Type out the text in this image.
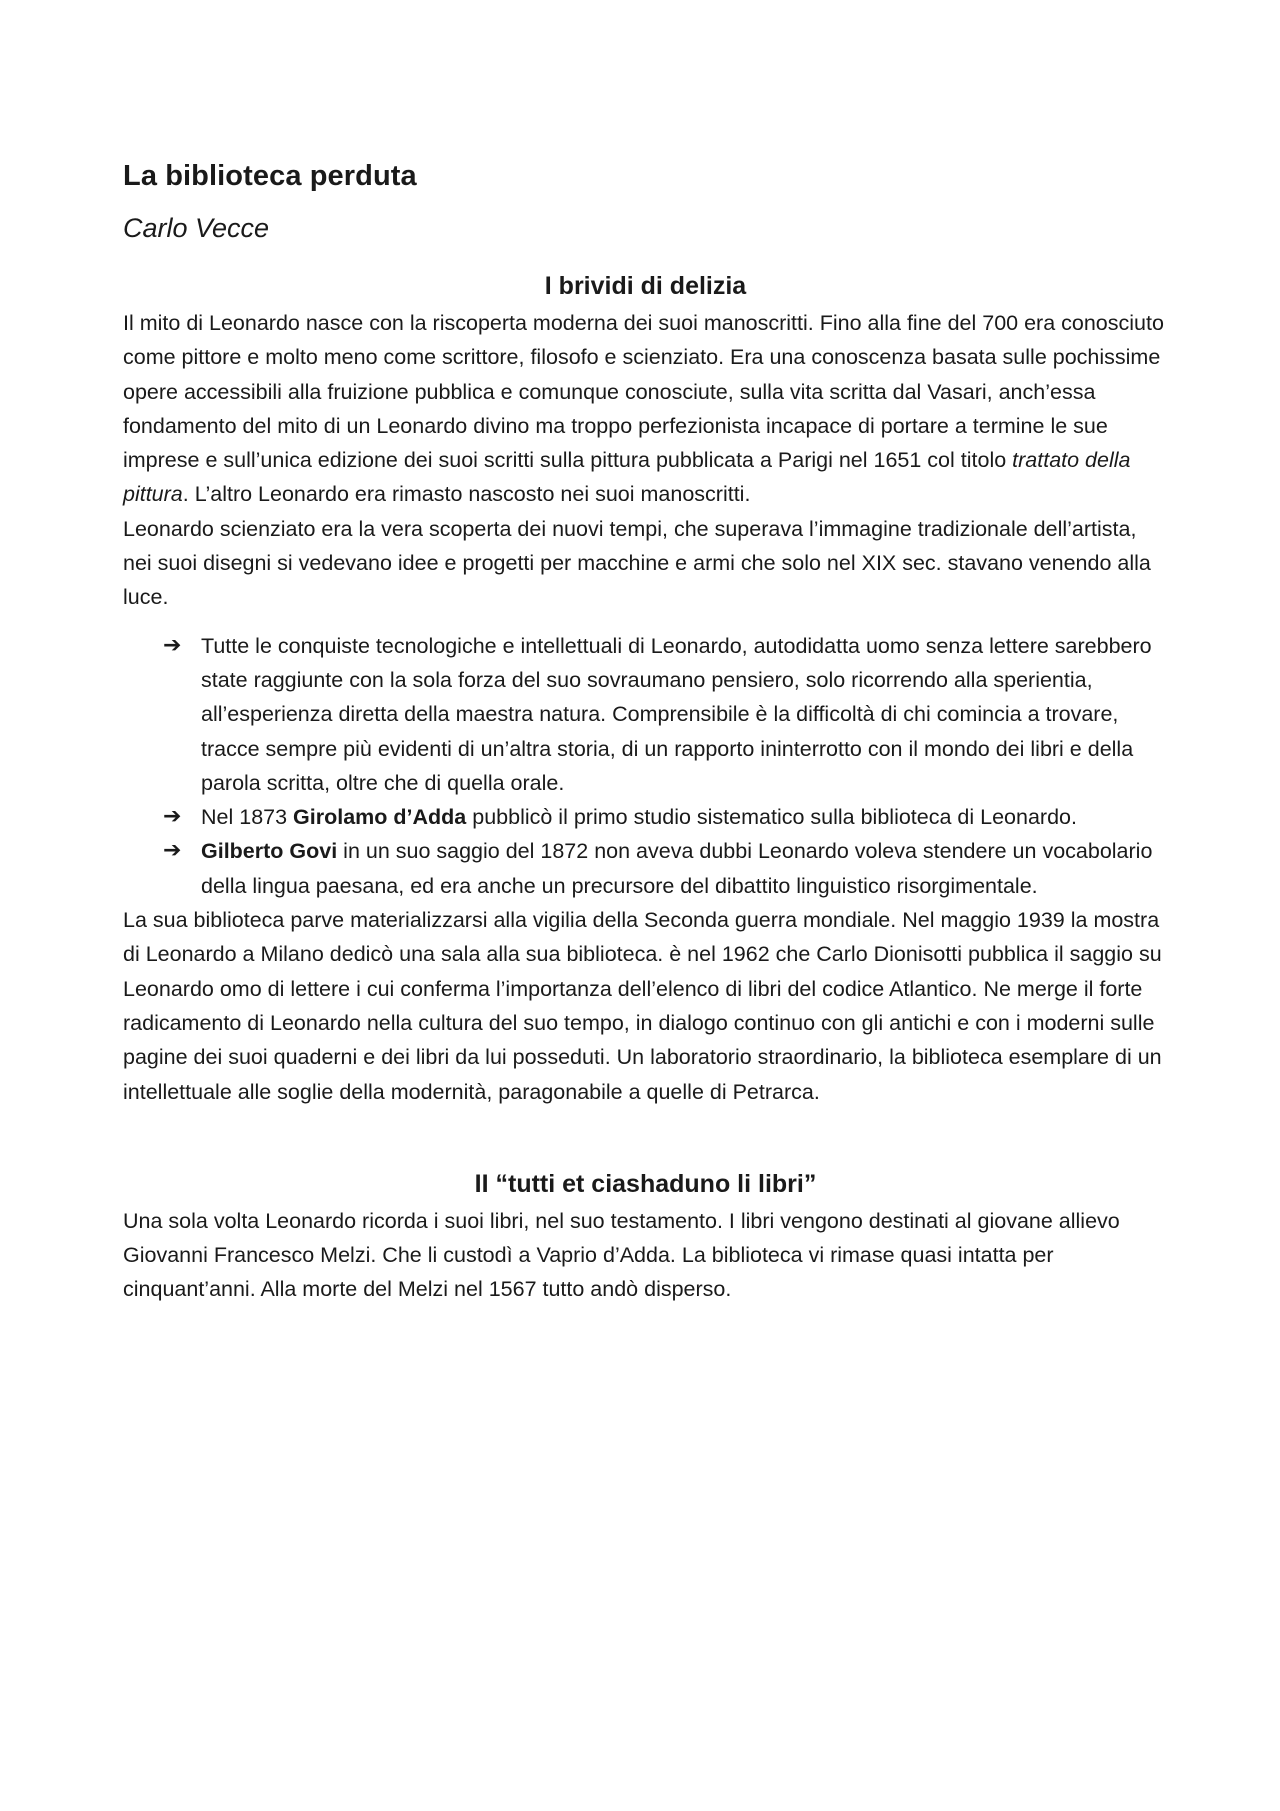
La biblioteca perduta

Carlo Vecce

I brividi di delizia

Il mito di Leonardo nasce con la riscoperta moderna dei suoi manoscritti. Fino alla fine del 700 era conosciuto come pittore e molto meno come scrittore, filosofo e scienziato. Era una conoscenza basata sulle pochissime opere accessibili alla fruizione pubblica e comunque conosciute, sulla vita scritta dal Vasari, anch’essa fondamento del mito di un Leonardo divino ma troppo perfezionista incapace di portare a termine le sue imprese e sull’unica edizione dei suoi scritti sulla pittura pubblicata a Parigi nel 1651 col titolo trattato della pittura. L’altro Leonardo era rimasto nascosto nei suoi manoscritti.

Leonardo scienziato era la vera scoperta dei nuovi tempi, che superava l’immagine tradizionale dell’artista, nei suoi disegni si vedevano idee e progetti per macchine e armi che solo nel XIX sec. stavano venendo alla luce.

➔ Tutte le conquiste tecnologiche e intellettuali di Leonardo, autodidatta uomo senza lettere sarebbero state raggiunte con la sola forza del suo sovraumano pensiero, solo ricorrendo alla sperientia, all’esperienza diretta della maestra natura. Comprensibile è la difficoltà di chi comincia a trovare, tracce sempre più evidenti di un’altra storia, di un rapporto ininterrotto con il mondo dei libri e della parola scritta, oltre che di quella orale.
➔ Nel 1873 Girolamo d’Adda pubblicò il primo studio sistematico sulla biblioteca di Leonardo.
➔ Gilberto Govi in un suo saggio del 1872 non aveva dubbi Leonardo voleva stendere un vocabolario della lingua paesana, ed era anche un precursore del dibattito linguistico risorgimentale.

La sua biblioteca parve materializzarsi alla vigilia della Seconda guerra mondiale. Nel maggio 1939 la mostra di Leonardo a Milano dedicò una sala alla sua biblioteca. è nel 1962 che Carlo Dionisotti pubblica il saggio su Leonardo omo di lettere i cui conferma l’importanza dell’elenco di libri del codice Atlantico. Ne merge il forte radicamento di Leonardo nella cultura del suo tempo, in dialogo continuo con gli antichi e con i moderni sulle pagine dei suoi quaderni e dei libri da lui posseduti. Un laboratorio straordinario, la biblioteca esemplare di un intellettuale alle soglie della modernità, paragonabile a quelle di Petrarca.

II “tutti et ciashaduno li libri”

Una sola volta Leonardo ricorda i suoi libri, nel suo testamento. I libri vengono destinati al giovane allievo Giovanni Francesco Melzi. Che li custodì a Vaprio d’Adda. La biblioteca vi rimase quasi intatta per cinquant’anni. Alla morte del Melzi nel 1567 tutto andò disperso.
